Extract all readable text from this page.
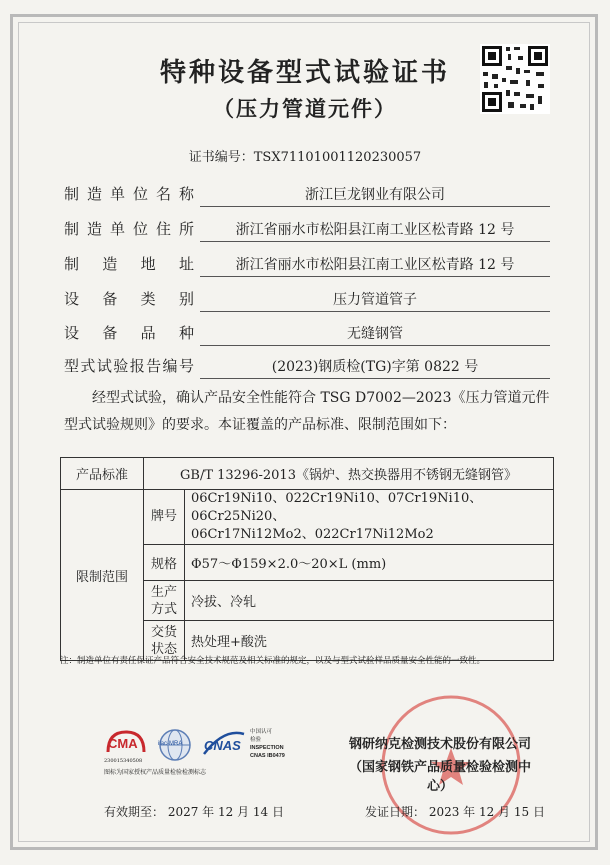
特种设备型式试验证书
（压力管道元件）
证书编号：TSX71101001120230057
制造单位名称	浙江巨龙钢业有限公司
制造单位住所	浙江省丽水市松阳县江南工业区松青路 12 号
制造地址	浙江省丽水市松阳县江南工业区松青路 12 号
设备类别	压力管道管子
设备品种	无缝钢管
型式试验报告编号	(2023)钢质检(TG)字第 0822 号
经型式试验，确认产品安全性能符合 TSG D7002—2023《压力管道元件型式试验规则》的要求。本证覆盖的产品标准、限制范围如下：
产品标准	GB/T 13296-2013《锅炉、热交换器用不锈钢无缝钢管》	
限制范围	牌号	06Cr19Ni10、022Cr19Ni10、07Cr19Ni10、06Cr25Ni20、
06Cr17Ni12Mo2、022Cr17Ni12Mo2

	规格	Φ57～Φ159×2.0～20×L (mm)
	生产方式	冷拔、冷轧
	交货状态	热处理+酸洗
注：制造单位有责任保证产品符合安全技术规范及相关标准的规定，以及与型式试验样品质量安全性能的一致性。
CMA
230015340508
ilac-MRA CNAS
中国认可
检验
INSPECTION
CNAS IB0479
图标为国家授权产品质量检验检测标志
钢研纳克检测技术股份有限公司
（国家钢铁产品质量检验检测中心）
有效期至： 2027 年 12 月 14 日	发证日期： 2023 年 12 月 15 日
